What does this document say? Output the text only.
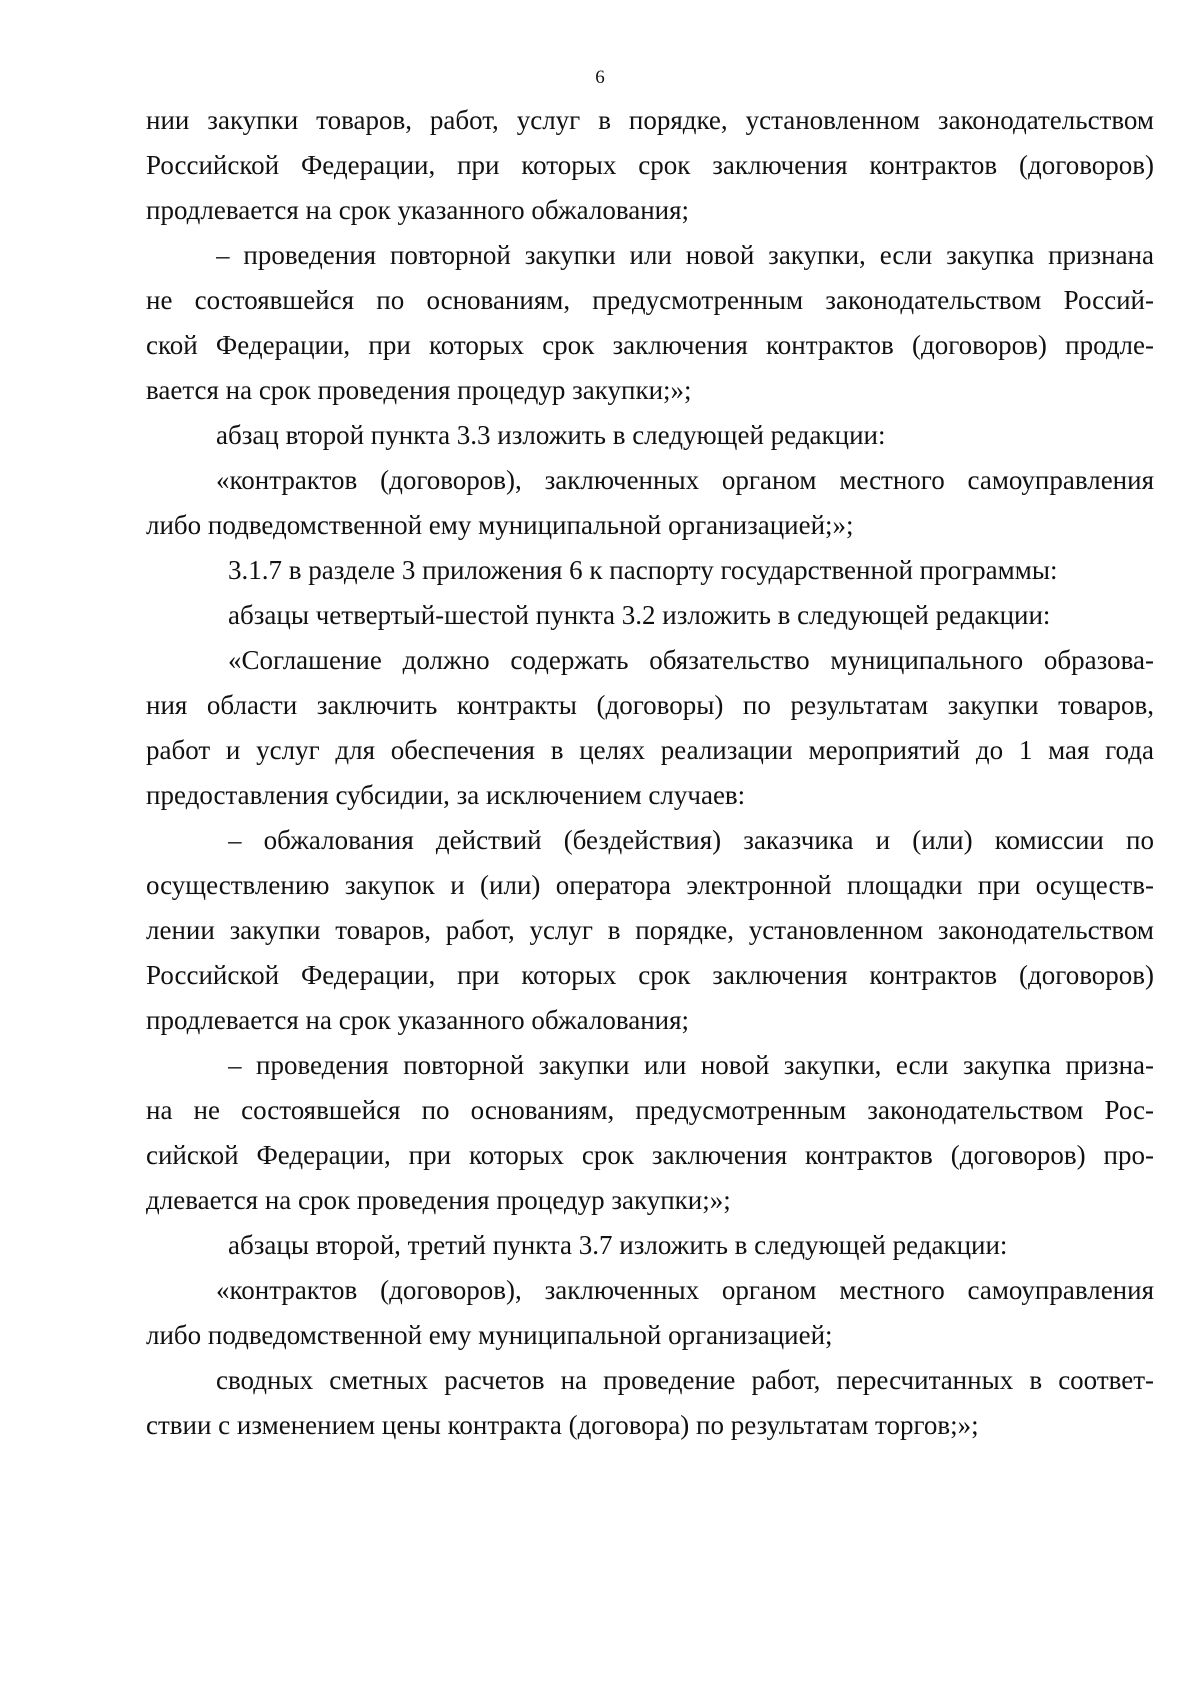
6
нии закупки товаров, работ, услуг в порядке, установленном законодательством
Российской Федерации, при которых срок заключения контрактов (договоров)
продлевается на срок указанного обжалования;
– проведения повторной закупки или новой закупки, если закупка признана
не состоявшейся по основаниям, предусмотренным законодательством Россий-
ской Федерации, при которых срок заключения контрактов (договоров) продле-
вается на срок проведения процедур закупки;»;
абзац второй пункта 3.3 изложить в следующей редакции:
«контрактов (договоров), заключенных органом местного самоуправления
либо подведомственной ему муниципальной организацией;»;
3.1.7 в разделе 3 приложения 6 к паспорту государственной программы:
абзацы четвертый-шестой пункта 3.2 изложить в следующей редакции:
«Соглашение должно содержать обязательство муниципального образова-
ния области заключить контракты (договоры) по результатам закупки товаров,
работ и услуг для обеспечения в целях реализации мероприятий до 1 мая года
предоставления субсидии, за исключением случаев:
– обжалования действий (бездействия) заказчика и (или) комиссии по
осуществлению закупок и (или) оператора электронной площадки при осуществ-
лении закупки товаров, работ, услуг в порядке, установленном законодательством
Российской Федерации, при которых срок заключения контрактов (договоров)
продлевается на срок указанного обжалования;
– проведения повторной закупки или новой закупки, если закупка призна-
на не состоявшейся по основаниям, предусмотренным законодательством Рос-
сийской Федерации, при которых срок заключения контрактов (договоров) про-
длевается на срок проведения процедур закупки;»;
абзацы второй, третий пункта 3.7 изложить в следующей редакции:
«контрактов (договоров), заключенных органом местного самоуправления
либо подведомственной ему муниципальной организацией;
сводных сметных расчетов на проведение работ, пересчитанных в соответ-
ствии с изменением цены контракта (договора) по результатам торгов;»;
